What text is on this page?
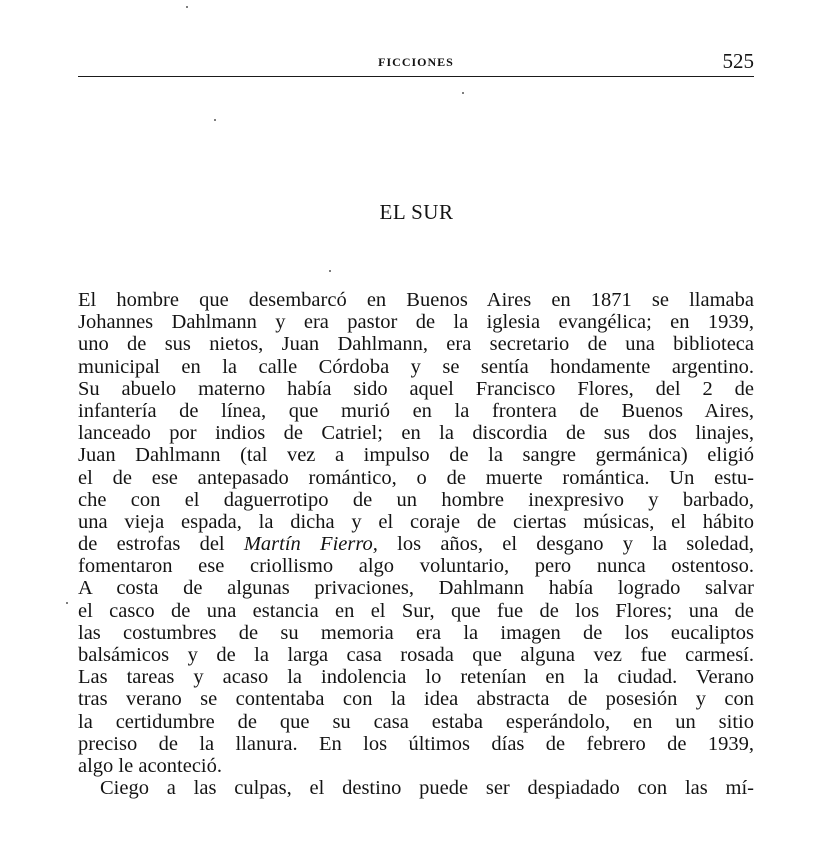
FICCIONES	525
EL SUR
El hombre que desembarcó en Buenos Aires en 1871 se llamaba
Johannes Dahlmann y era pastor de la iglesia evangélica; en 1939,
uno de sus nietos, Juan Dahlmann, era secretario de una biblioteca
municipal en la calle Córdoba y se sentía hondamente argentino.
Su abuelo materno había sido aquel Francisco Flores, del 2 de
infantería de línea, que murió en la frontera de Buenos Aires,
lanceado por indios de Catriel; en la discordia de sus dos linajes,
Juan Dahlmann (tal vez a impulso de la sangre germánica) eligió
el de ese antepasado romántico, o de muerte romántica. Un estu-
che con el daguerrotipo de un hombre inexpresivo y barbado,
una vieja espada, la dicha y el coraje de ciertas músicas, el hábito
de estrofas del Martín Fierro, los años, el desgano y la soledad,
fomentaron ese criollismo algo voluntario, pero nunca ostentoso.
A costa de algunas privaciones, Dahlmann había logrado salvar
el casco de una estancia en el Sur, que fue de los Flores; una de
las costumbres de su memoria era la imagen de los eucaliptos
balsámicos y de la larga casa rosada que alguna vez fue carmesí.
Las tareas y acaso la indolencia lo retenían en la ciudad. Verano
tras verano se contentaba con la idea abstracta de posesión y con
la certidumbre de que su casa estaba esperándolo, en un sitio
preciso de la llanura. En los últimos días de febrero de 1939,
algo le aconteció.
Ciego a las culpas, el destino puede ser despiadado con las mí-
